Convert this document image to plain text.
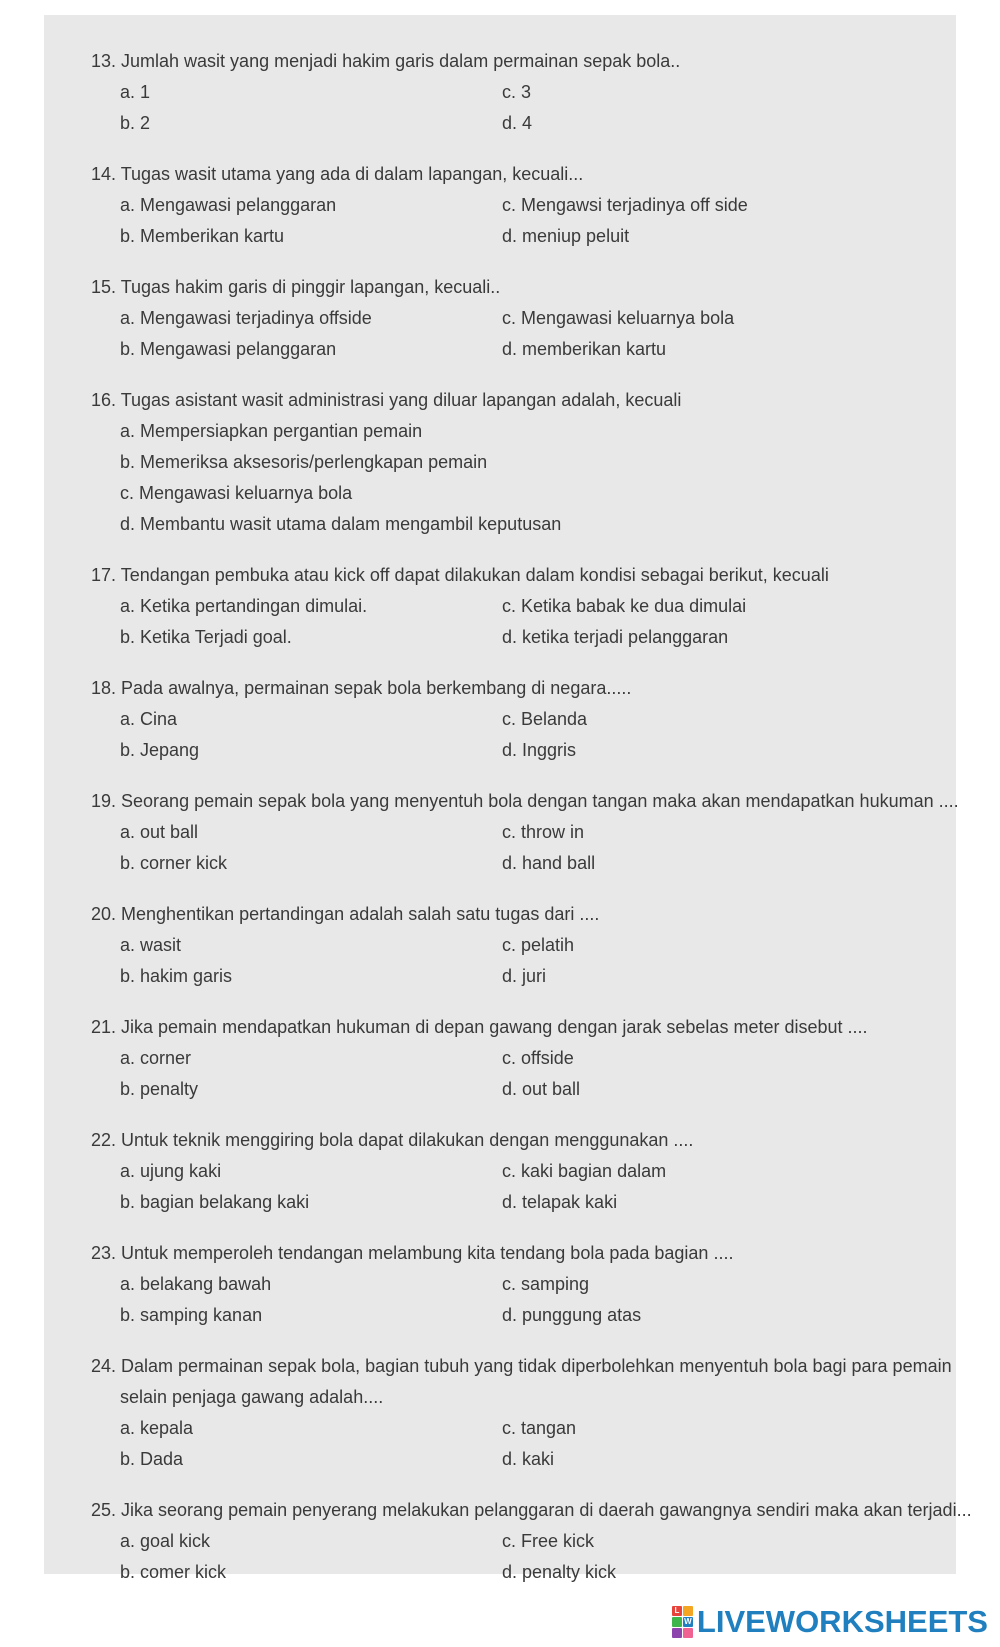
13. Jumlah wasit yang menjadi hakim garis dalam permainan sepak bola..
a. 1	c. 3
b. 2	d. 4
14. Tugas wasit utama yang ada di dalam lapangan, kecuali...
a. Mengawasi pelanggaran	c. Mengawsi terjadinya off side
b. Memberikan kartu	d. meniup peluit
15. Tugas hakim garis di pinggir lapangan, kecuali..
a. Mengawasi terjadinya offside	c. Mengawasi keluarnya bola
b. Mengawasi pelanggaran	d. memberikan kartu
16. Tugas asistant wasit administrasi yang diluar lapangan adalah, kecuali
a. Mempersiapkan pergantian pemain
b. Memeriksa aksesoris/perlengkapan pemain
c. Mengawasi keluarnya bola
d. Membantu wasit utama dalam mengambil keputusan
17. Tendangan pembuka atau kick off dapat dilakukan dalam kondisi sebagai berikut, kecuali
a. Ketika pertandingan dimulai.	c. Ketika babak ke dua dimulai
b. Ketika Terjadi goal.	d. ketika terjadi pelanggaran
18. Pada awalnya, permainan sepak bola berkembang di negara.....
a. Cina	c. Belanda
b. Jepang	d. Inggris
19. Seorang pemain sepak bola yang menyentuh bola dengan tangan maka akan mendapatkan hukuman ....
a. out ball	c. throw in
b. corner kick	d. hand ball
20. Menghentikan pertandingan adalah salah satu tugas dari ....
a. wasit	c. pelatih
b. hakim garis	d. juri
21. Jika pemain mendapatkan hukuman di depan gawang dengan jarak sebelas meter disebut ....
a. corner	c. offside
b. penalty	d. out ball
22. Untuk teknik menggiring bola dapat dilakukan dengan menggunakan ....
a. ujung kaki	c. kaki bagian dalam
b. bagian belakang kaki	d. telapak kaki
23. Untuk memperoleh tendangan melambung kita tendang bola pada bagian ....
a. belakang bawah	c. samping
b. samping kanan	d. punggung atas
24. Dalam permainan sepak bola, bagian tubuh yang tidak diperbolehkan menyentuh bola bagi para pemain
selain penjaga gawang adalah....
a. kepala	c. tangan
b. Dada	d. kaki
25. Jika seorang pemain penyerang melakukan pelanggaran di daerah gawangnya sendiri maka akan terjadi...
a. goal kick	c. Free kick
b. comer kick	d. penalty kick
L
W LIVEWORKSHEETS
